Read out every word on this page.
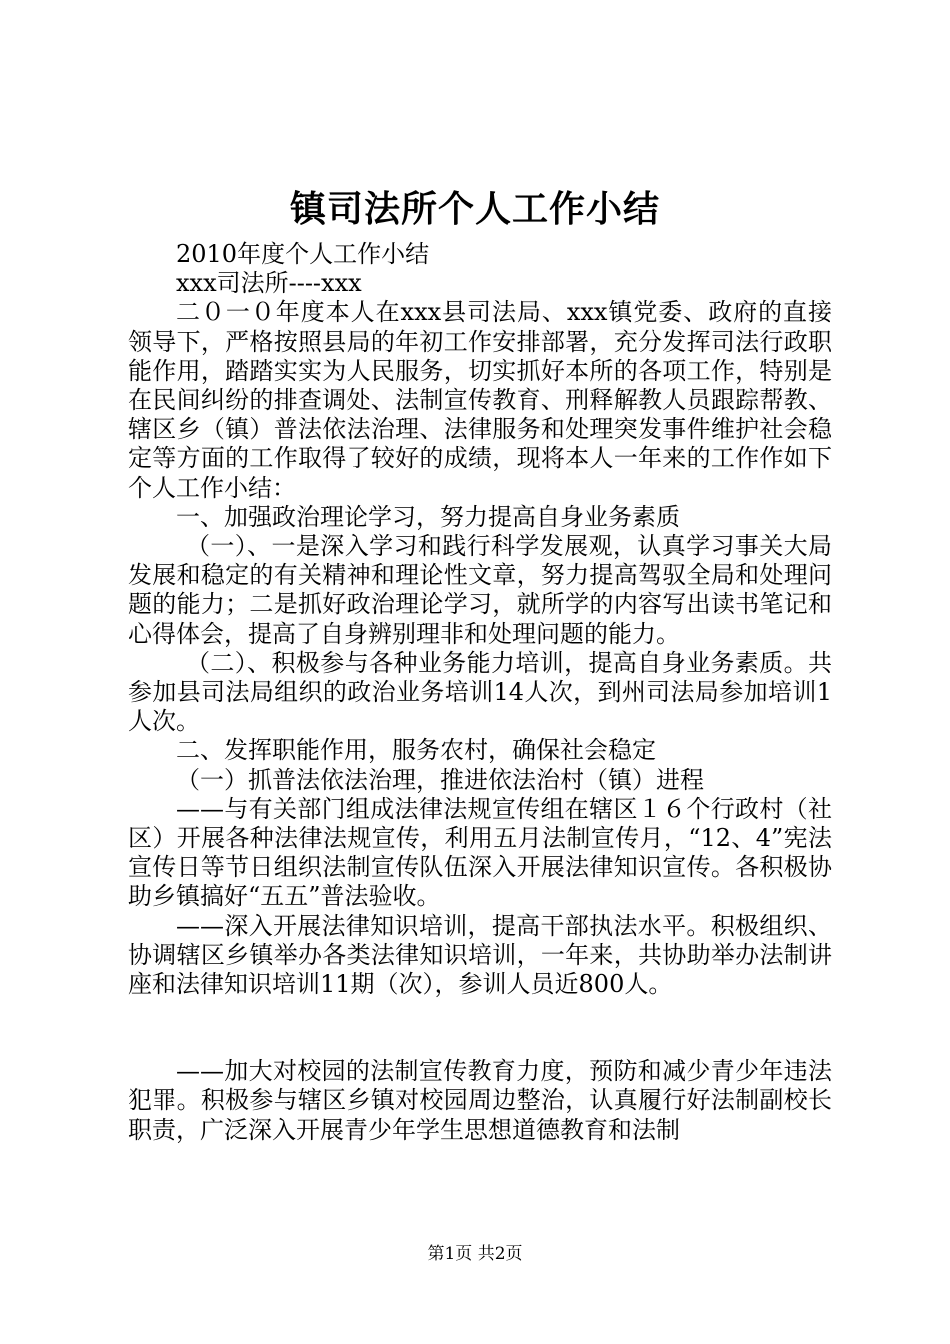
镇司法所个人工作小结

2010年度个人工作小结

xxx司法所----xxx

二０一０年度本人在xxx县司法局、xxx镇党委、政府的直接领导下，严格按照县局的年初工作安排部署，充分发挥司法行政职能作用，踏踏实实为人民服务，切实抓好本所的各项工作，特别是在民间纠纷的排查调处、法制宣传教育、刑释解教人员跟踪帮教、辖区乡（镇）普法依法治理、法律服务和处理突发事件维护社会稳定等方面的工作取得了较好的成绩，现将本人一年来的工作作如下个人工作小结：

一、加强政治理论学习，努力提高自身业务素质

（一）、一是深入学习和践行科学发展观，认真学习事关大局发展和稳定的有关精神和理论性文章，努力提高驾驭全局和处理问题的能力；二是抓好政治理论学习，就所学的内容写出读书笔记和心得体会，提高了自身辨别理非和处理问题的能力。

（二）、积极参与各种业务能力培训，提高自身业务素质。共参加县司法局组织的政治业务培训14人次，到州司法局参加培训1人次。

二、发挥职能作用，服务农村，确保社会稳定

（一）抓普法依法治理，推进依法治村（镇）进程

——与有关部门组成法律法规宣传组在辖区１６个行政村（社区）开展各种法律法规宣传，利用五月法制宣传月，“12、4”宪法宣传日等节日组织法制宣传队伍深入开展法律知识宣传。各积极协助乡镇搞好“五五”普法验收。

——深入开展法律知识培训，提高干部执法水平。积极组织、协调辖区乡镇举办各类法律知识培训，一年来，共协助举办法制讲座和法律知识培训11期（次），参训人员近800人。

——加大对校园的法制宣传教育力度，预防和减少青少年违法犯罪。积极参与辖区乡镇对校园周边整治，认真履行好法制副校长职责，广泛深入开展青少年学生思想道德教育和法制

第1页 共2页
